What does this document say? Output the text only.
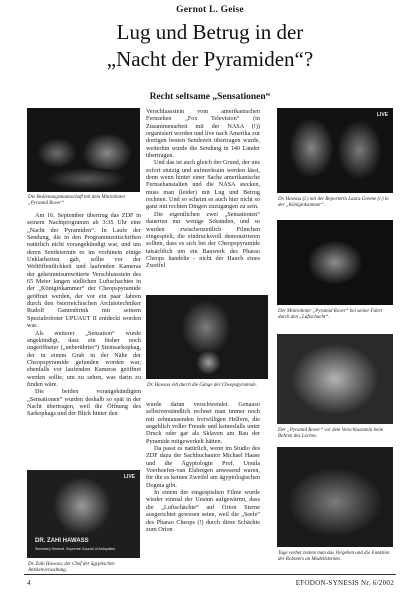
Gernot L. Geise
Lug und Betrug in der
„Nacht der Pyramiden“?
Recht seltsame „Sensationen“
Die Bedienungsmannschaft mit dem Miniroboter „Pyramid Rover“

Am 16. September übertrug das ZDF in seinem Nachtprogramm ab 3:35 Uhr eine „Nacht der Pyramiden“. In Laufe der Sendung, die in den Programmzeitschriften natürlich nicht vorangekündigt war, und um deren Sendetermin es im vorhinein einige Unklarheiten gab, sollte vor der Weltöffentlichkeit und laufenden Kameras der geheimnisumwitterte Verschlussstein des 65 Meter langen südlichen Luftschachtes in der „Königinkammer“ der Cheopspyramide geöffnet werden, der vor ein paar Jahren durch den österreichischen Archäotechniker Rudolf Gantenbrink mit seinem Spezialroboter UPUAUT II entdeckt worden war.

Als weiterer „Sensation“ wurde angekündigt, dass ein bisher noch ungeöffneter („unberührter“) Steinsarkophag, der in einem Grab in der Nähe der Cheopspyramide gefunden worden war, ebenfalls vor laufenden Kameras geöffnet werden sollte, um zu sehen, was darin zu finden wäre.

Die beiden vorangekündigten „Sensationen“ wurden deshalb so spät in der Nacht übertragen, weil die Öffnung des Sarkophags und der Blick hinter den

LIVE
DR. ZAHI HAWASS
Secretary General, Supreme Council of Antiquities
Dr. Zahi Hawass, der Chef der ägyptischen Antikenverwaltung.

Verschlussstein vom amerikanischen Fernsehen „Fox Television“ (in Zusammenarbeit mit der NASA (!)) organisiert worden und live nach Amerika zur dortigen besten Sendezeit übertragen wurde, weiterhin wurde die Sendung in 140 Länder übertragen.

Und das ist auch gleich der Grund, der uns sofort stutzig und aufmerksam werden lässt, denn wenn hinter einer Sache amerikanische Fernsehanstalten und die NASA stecken, muss man (leider) mit Lug und Betrug rechnen. Und so scheint es auch hier nicht so ganz mit rechten Dingen zuzugangen zu sein.

Die eigentlichen zwei „Sensationen“ dauerten nur wenige Sekunden, und so wurden zwischenzeitlich Filmchen eingespielt, die eindrucksvoll demonstrieren sollten, dass es sich bei der Cheopspyramide tatsächlich um ein Bauwerk des Pharao Cheops handelte - nicht der Hauch eines Zweifel

Dr. Hawass eilt durch die Gänge der Cheopspyramide.

wurde daran verschwendet. Genauso selbstverständlich rechnet man immer noch mit zehntausenden freiwilligen Helfern, die angeblich voller Freude und keinesfalls unter Druck oder gar als Sklaven am Bau der Pyramide mitgewerkelt hätten.

Da passt es natürlich, wenn im Studio des ZDF dazu der Sachbuchautor Michael Haase und die Ägyptologin Prof. Ursula Voerhoefen-van Elsbergen anwesend waren, für die es keinen Zweifel am ägyptologischen Dogma gibt.

In einem der eingespielten Filme wurde wieder einmal der Unsinn aufgewärmt, dass die „Luftschächte“ auf Orion Sterne ausgerichtet gewesen seien, weil die „Seele“ des Pharao Cheops (!) durch diese Schächte zum Orion

LIVE
Dr. Hawass (l.) mit der Reporterin Laura Greene (r.) in der „Königinkammer“.
Der Miniroboter „Pyramid Rover“ bei seiner Fahrt durch den „Luftschacht“.
Der „Pyramid Rover“ vor dem Verschlussstein beim Bohren des Loches.
Tage vorher testete man das Vorgehen und die Funktion der Roboters an Modellsteinen.
4	EFODON-SYNESIS Nr. 6/2002
